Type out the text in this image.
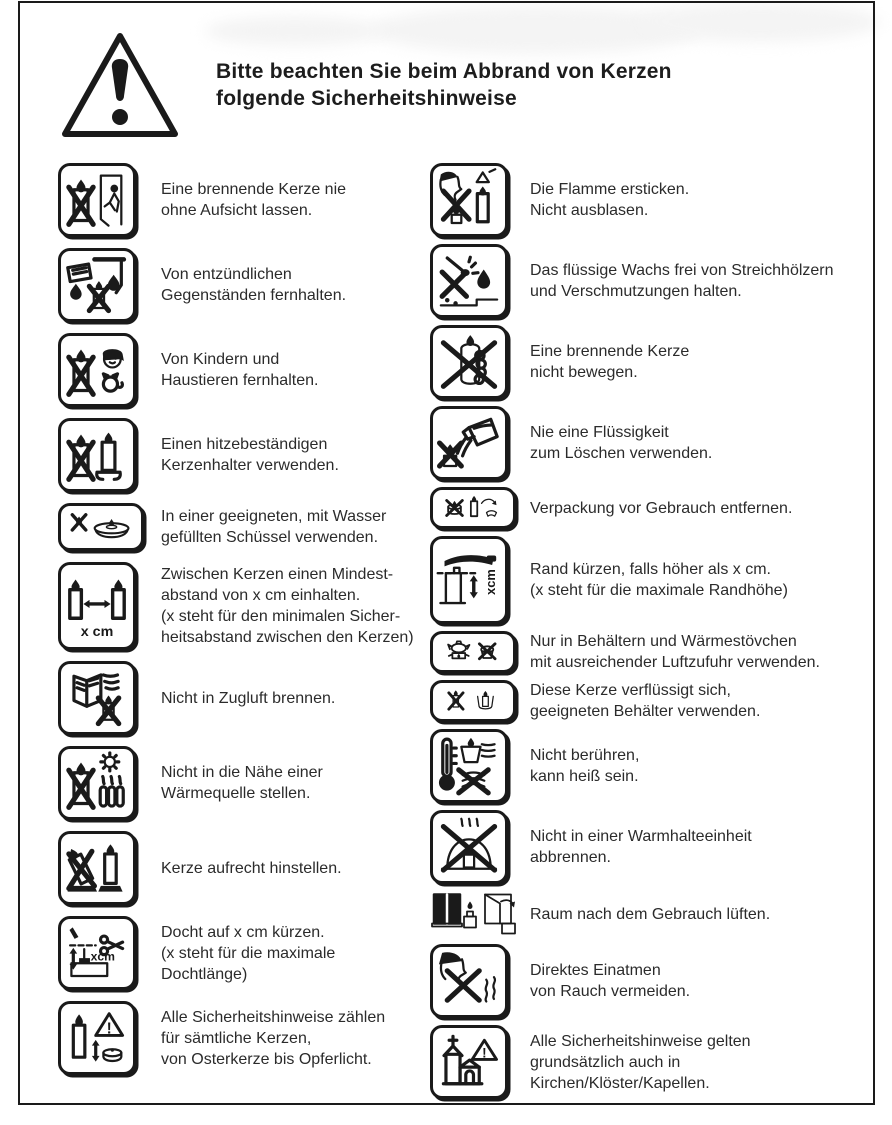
Bitte beachten Sie beim Abbrand von Kerzen
folgende Sicherheitshinweise
Eine brennende Kerze nie
ohne Aufsicht lassen.
Von entzündlichen
Gegenständen fernhalten.
Von Kindern und
Haustieren fernhalten.
Einen hitzebeständigen
Kerzenhalter verwenden.
In einer geeigneten, mit Wasser
gefüllten Schüssel verwenden.
x cm
Zwischen Kerzen einen Mindest-
abstand von x cm einhalten.
(x steht für den minimalen Sicher-
heitsabstand zwischen den Kerzen)
Nicht in Zugluft brennen.
Nicht in die Nähe einer
Wärmequelle stellen.
Kerze aufrecht hinstellen.
xcm
Docht auf x cm kürzen.
(x steht für die maximale
Dochtlänge)
!
Alle Sicherheitshinweise zählen
für sämtliche Kerzen,
von Osterkerze bis Opferlicht.
Die Flamme ersticken.
Nicht ausblasen.
Das flüssige Wachs frei von Streichhölzern
und Verschmutzungen halten.
Eine brennende Kerze
nicht bewegen.
Nie eine Flüssigkeit
zum Löschen verwenden.
Verpackung vor Gebrauch entfernen.
xcm Rand kürzen, falls höher als x cm.
(x steht für die maximale Randhöhe)
Nur in Behältern und Wärmestövchen
mit ausreichender Luftzufuhr verwenden.
Diese Kerze verflüssigt sich,
geeigneten Behälter verwenden.
Nicht berühren,
kann heiß sein.
Nicht in einer Warmhalteeinheit
abbrennen.
Raum nach dem Gebrauch lüften.
Direktes Einatmen
von Rauch vermeiden.
!
Alle Sicherheitshinweise gelten
grundsätzlich auch in
Kirchen/Klöster/Kapellen.
